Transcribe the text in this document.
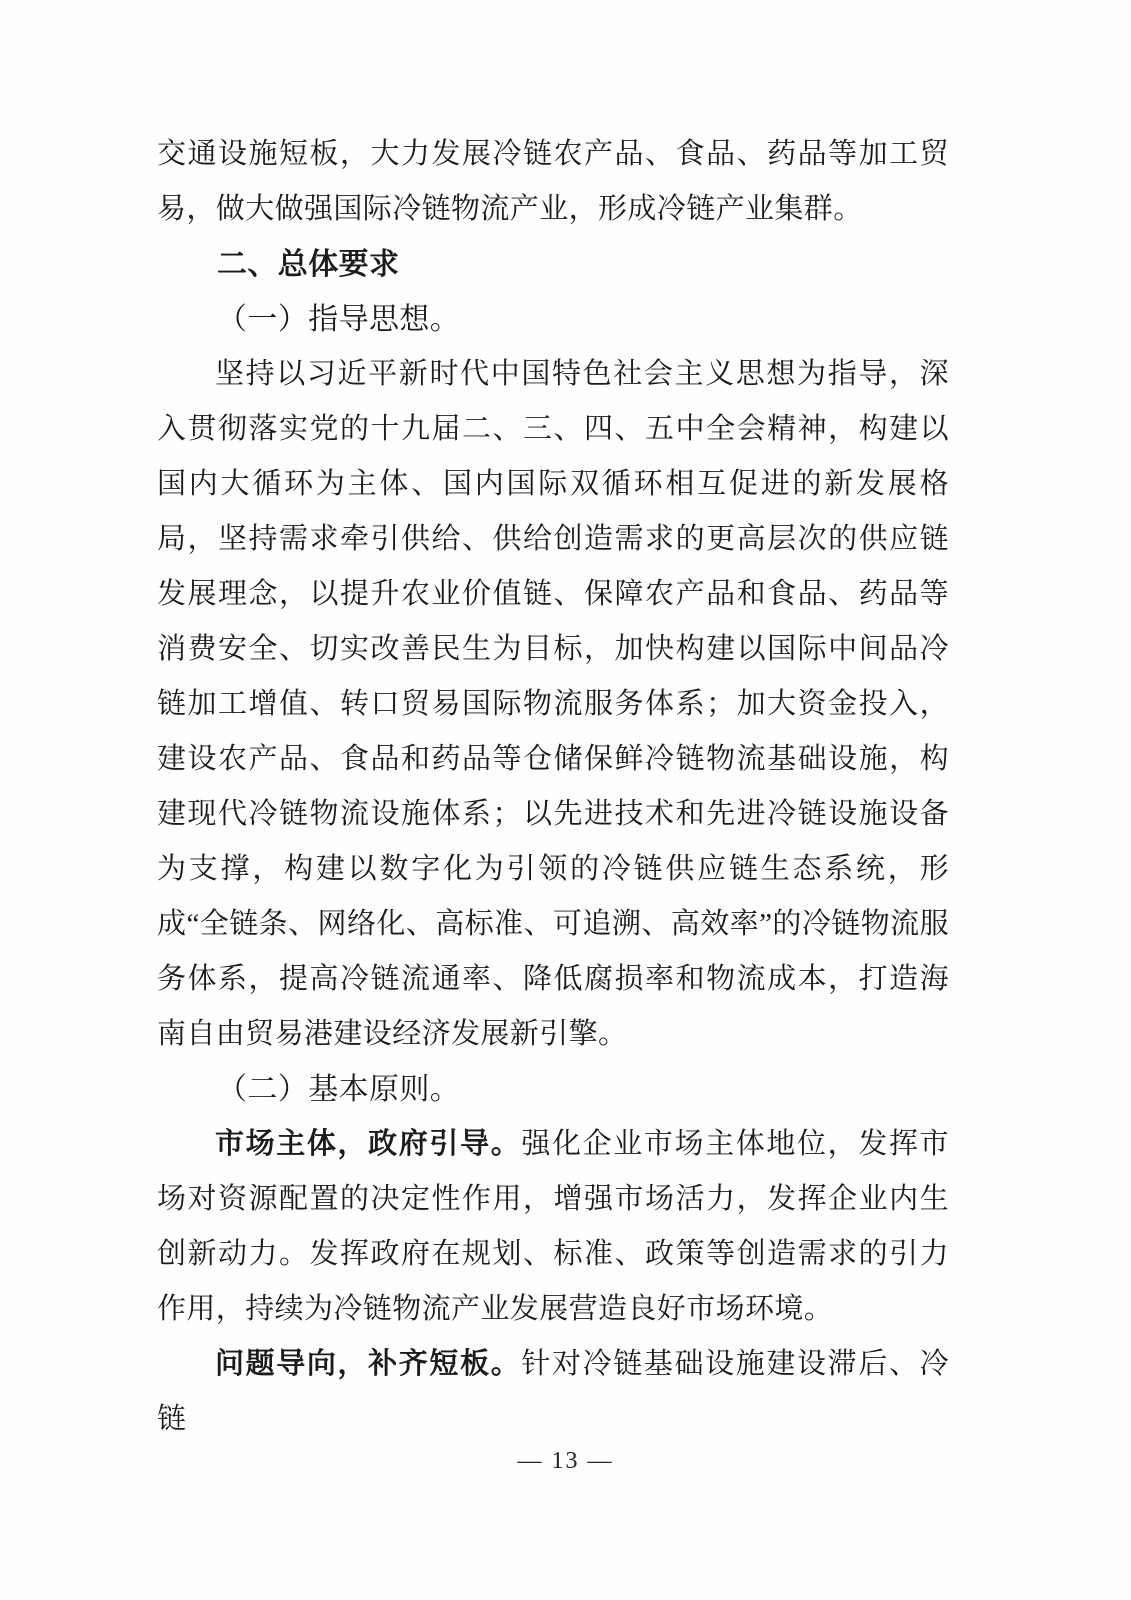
交通设施短板，大力发展冷链农产品、食品、药品等加工贸易，做大做强国际冷链物流产业，形成冷链产业集群。

二、总体要求

（一）指导思想。

坚持以习近平新时代中国特色社会主义思想为指导，深入贯彻落实党的十九届二、三、四、五中全会精神，构建以国内大循环为主体、国内国际双循环相互促进的新发展格局，坚持需求牵引供给、供给创造需求的更高层次的供应链发展理念，以提升农业价值链、保障农产品和食品、药品等消费安全、切实改善民生为目标，加快构建以国际中间品冷链加工增值、转口贸易国际物流服务体系；加大资金投入，建设农产品、食品和药品等仓储保鲜冷链物流基础设施，构建现代冷链物流设施体系；以先进技术和先进冷链设施设备为支撑，构建以数字化为引领的冷链供应链生态系统，形成“全链条、网络化、高标准、可追溯、高效率”的冷链物流服务体系，提高冷链流通率、降低腐损率和物流成本，打造海南自由贸易港建设经济发展新引擎。

（二）基本原则。

市场主体，政府引导。强化企业市场主体地位，发挥市场对资源配置的决定性作用，增强市场活力，发挥企业内生创新动力。发挥政府在规划、标准、政策等创造需求的引力作用，持续为冷链物流产业发展营造良好市场环境。

问题导向，补齐短板。针对冷链基础设施建设滞后、冷链

— 13 —
